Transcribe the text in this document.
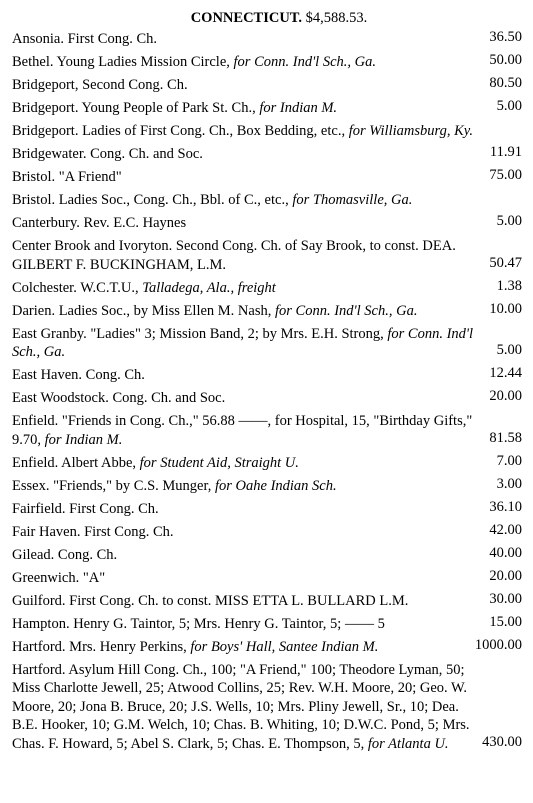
CONNECTICUT. $4,588.53.
Ansonia. First Cong. Ch.	36.50
Bethel. Young Ladies Mission Circle, for Conn. Ind'l Sch., Ga.	50.00
Bridgeport, Second Cong. Ch.	80.50
Bridgeport. Young People of Park St. Ch., for Indian M.	5.00
Bridgeport. Ladies of First Cong. Ch., Box Bedding, etc., for Williamsburg, Ky.
Bridgewater. Cong. Ch. and Soc.	11.91
Bristol. "A Friend"	75.00
Bristol. Ladies Soc., Cong. Ch., Bbl. of C., etc., for Thomasville, Ga.
Canterbury. Rev. E.C. Haynes	5.00
Center Brook and Ivoryton. Second Cong. Ch. of Say Brook, to const. DEA. GILBERT F. BUCKINGHAM, L.M.	50.47
Colchester. W.C.T.U., Talladega, Ala., freight	1.38
Darien. Ladies Soc., by Miss Ellen M. Nash, for Conn. Ind'l Sch., Ga.	10.00
East Granby. "Ladies" 3; Mission Band, 2; by Mrs. E.H. Strong, for Conn. Ind'l Sch., Ga.	5.00
East Haven. Cong. Ch.	12.44
East Woodstock. Cong. Ch. and Soc.	20.00
Enfield. "Friends in Cong. Ch.," 56.88 ——, for Hospital, 15, "Birthday Gifts," 9.70, for Indian M.	81.58
Enfield. Albert Abbe, for Student Aid, Straight U.	7.00
Essex. "Friends," by C.S. Munger, for Oahe Indian Sch.	3.00
Fairfield. First Cong. Ch.	36.10
Fair Haven. First Cong. Ch.	42.00
Gilead. Cong. Ch.	40.00
Greenwich. "A"	20.00
Guilford. First Cong. Ch. to const. MISS ETTA L. BULLARD L.M.	30.00
Hampton. Henry G. Taintor, 5; Mrs. Henry G. Taintor, 5; —— 5	15.00
Hartford. Mrs. Henry Perkins, for Boys' Hall, Santee Indian M.	1000.00
Hartford. Asylum Hill Cong. Ch., 100; "A Friend," 100; Theodore Lyman, 50; Miss Charlotte Jewell, 25; Atwood Collins, 25; Rev. W.H. Moore, 20; Geo. W. Moore, 20; Jona B. Bruce, 20; J.S. Wells, 10; Mrs. Pliny Jewell, Sr., 10; Dea. B.E. Hooker, 10; G.M. Welch, 10; Chas. B. Whiting, 10; D.W.C. Pond, 5; Mrs. Chas. F. Howard, 5; Abel S. Clark, 5; Chas. E. Thompson, 5, for Atlanta U.	430.00
